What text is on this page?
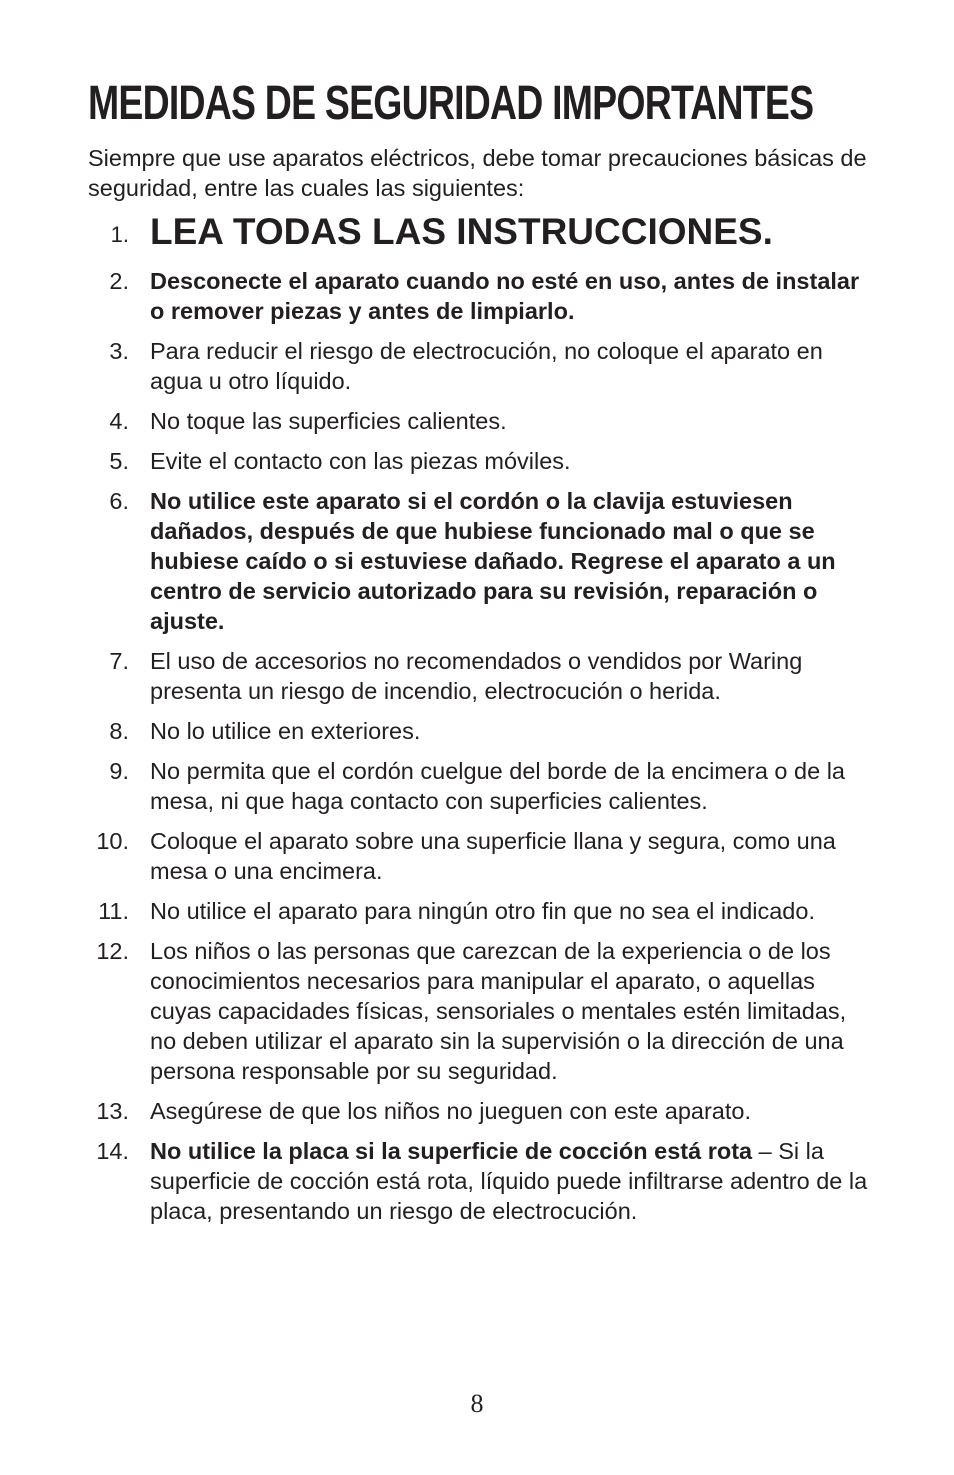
MEDIDAS DE SEGURIDAD IMPORTANTES
Siempre que use aparatos eléctricos, debe tomar precauciones básicas de seguridad, entre las cuales las siguientes:
1. LEA TODAS LAS INSTRUCCIONES.
2. Desconecte el aparato cuando no esté en uso, antes de instalar o remover piezas y antes de limpiarlo.
3. Para reducir el riesgo de electrocución, no coloque el aparato en agua u otro líquido.
4. No toque las superficies calientes.
5. Evite el contacto con las piezas móviles.
6. No utilice este aparato si el cordón o la clavija estuviesen dañados, después de que hubiese funcionado mal o que se hubiese caído o si estuviese dañado. Regrese el aparato a un centro de servicio autorizado para su revisión, reparación o ajuste.
7. El uso de accesorios no recomendados o vendidos por Waring presenta un riesgo de incendio, electrocución o herida.
8. No lo utilice en exteriores.
9. No permita que el cordón cuelgue del borde de la encimera o de la mesa, ni que haga contacto con superficies calientes.
10. Coloque el aparato sobre una superficie llana y segura, como una mesa o una encimera.
11. No utilice el aparato para ningún otro fin que no sea el indicado.
12. Los niños o las personas que carezcan de la experiencia o de los conocimientos necesarios para manipular el aparato, o aquellas cuyas capacidades físicas, sensoriales o mentales estén limitadas, no deben utilizar el aparato sin la supervisión o la dirección de una persona responsable por su seguridad.
13. Asegúrese de que los niños no jueguen con este aparato.
14. No utilice la placa si la superficie de cocción está rota – Si la superficie de cocción está rota, líquido puede infiltrarse adentro de la placa, presentando un riesgo de electrocución.
8
